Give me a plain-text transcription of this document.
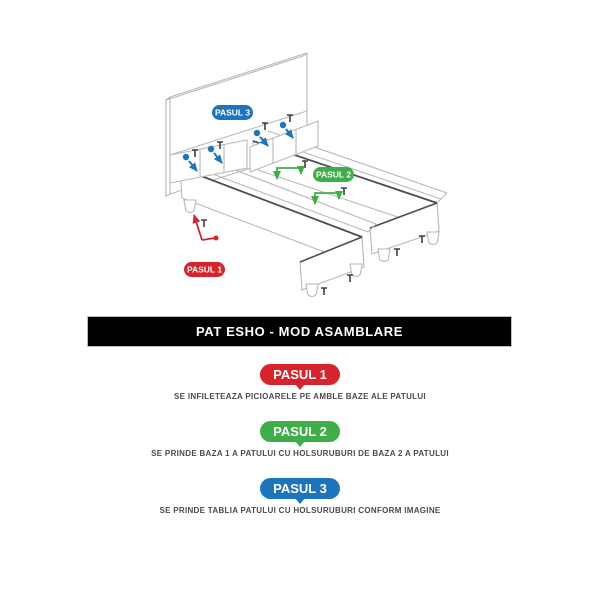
PASUL 3
PASUL 2
PASUL 1
PAT ESHO - MOD ASAMBLARE
PASUL 1
SE INFILETEAZA PICIOARELE PE AMBLE BAZE ALE PATULUI
PASUL 2
SE PRINDE BAZA 1 A PATULUI CU HOLSURUBURI DE BAZA 2 A PATULUI
PASUL 3
SE PRINDE TABLIA PATULUI CU HOLSURUBURI CONFORM IMAGINE
